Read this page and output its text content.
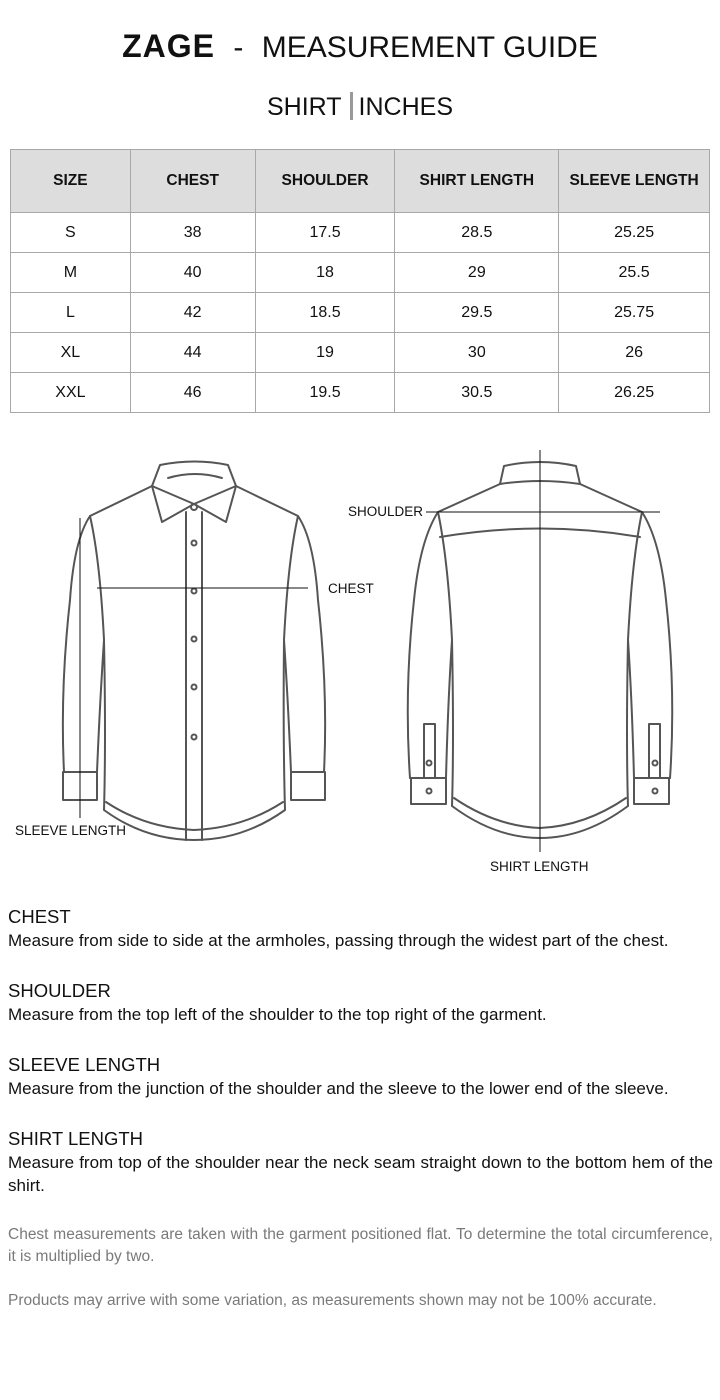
ZAGE - MEASUREMENT GUIDE
SHIRT INCHES
SIZE	CHEST	SHOULDER	SHIRT LENGTH	SLEEVE LENGTH
S	38	17.5	28.5	25.25
M	40	18	29	25.5
L	42	18.5	29.5	25.75
XL	44	19	30	26
XXL	46	19.5	30.5	26.25
CHEST
SLEEVE LENGTH
SHOULDER
SHIRT LENGTH
CHEST
Measure from side to side at the armholes, passing through the widest part of the chest.
SHOULDER
Measure from the top left of the shoulder to the top right of the garment.
SLEEVE LENGTH
Measure from the junction of the shoulder and the sleeve to the lower end of the sleeve.
SHIRT LENGTH
Measure from top of the shoulder near the neck seam straight down to the bottom hem of the shirt.
Chest measurements are taken with the garment positioned flat. To determine the total circumference, it is multiplied by two.
Products may arrive with some variation, as measurements shown may not be 100% accurate.
